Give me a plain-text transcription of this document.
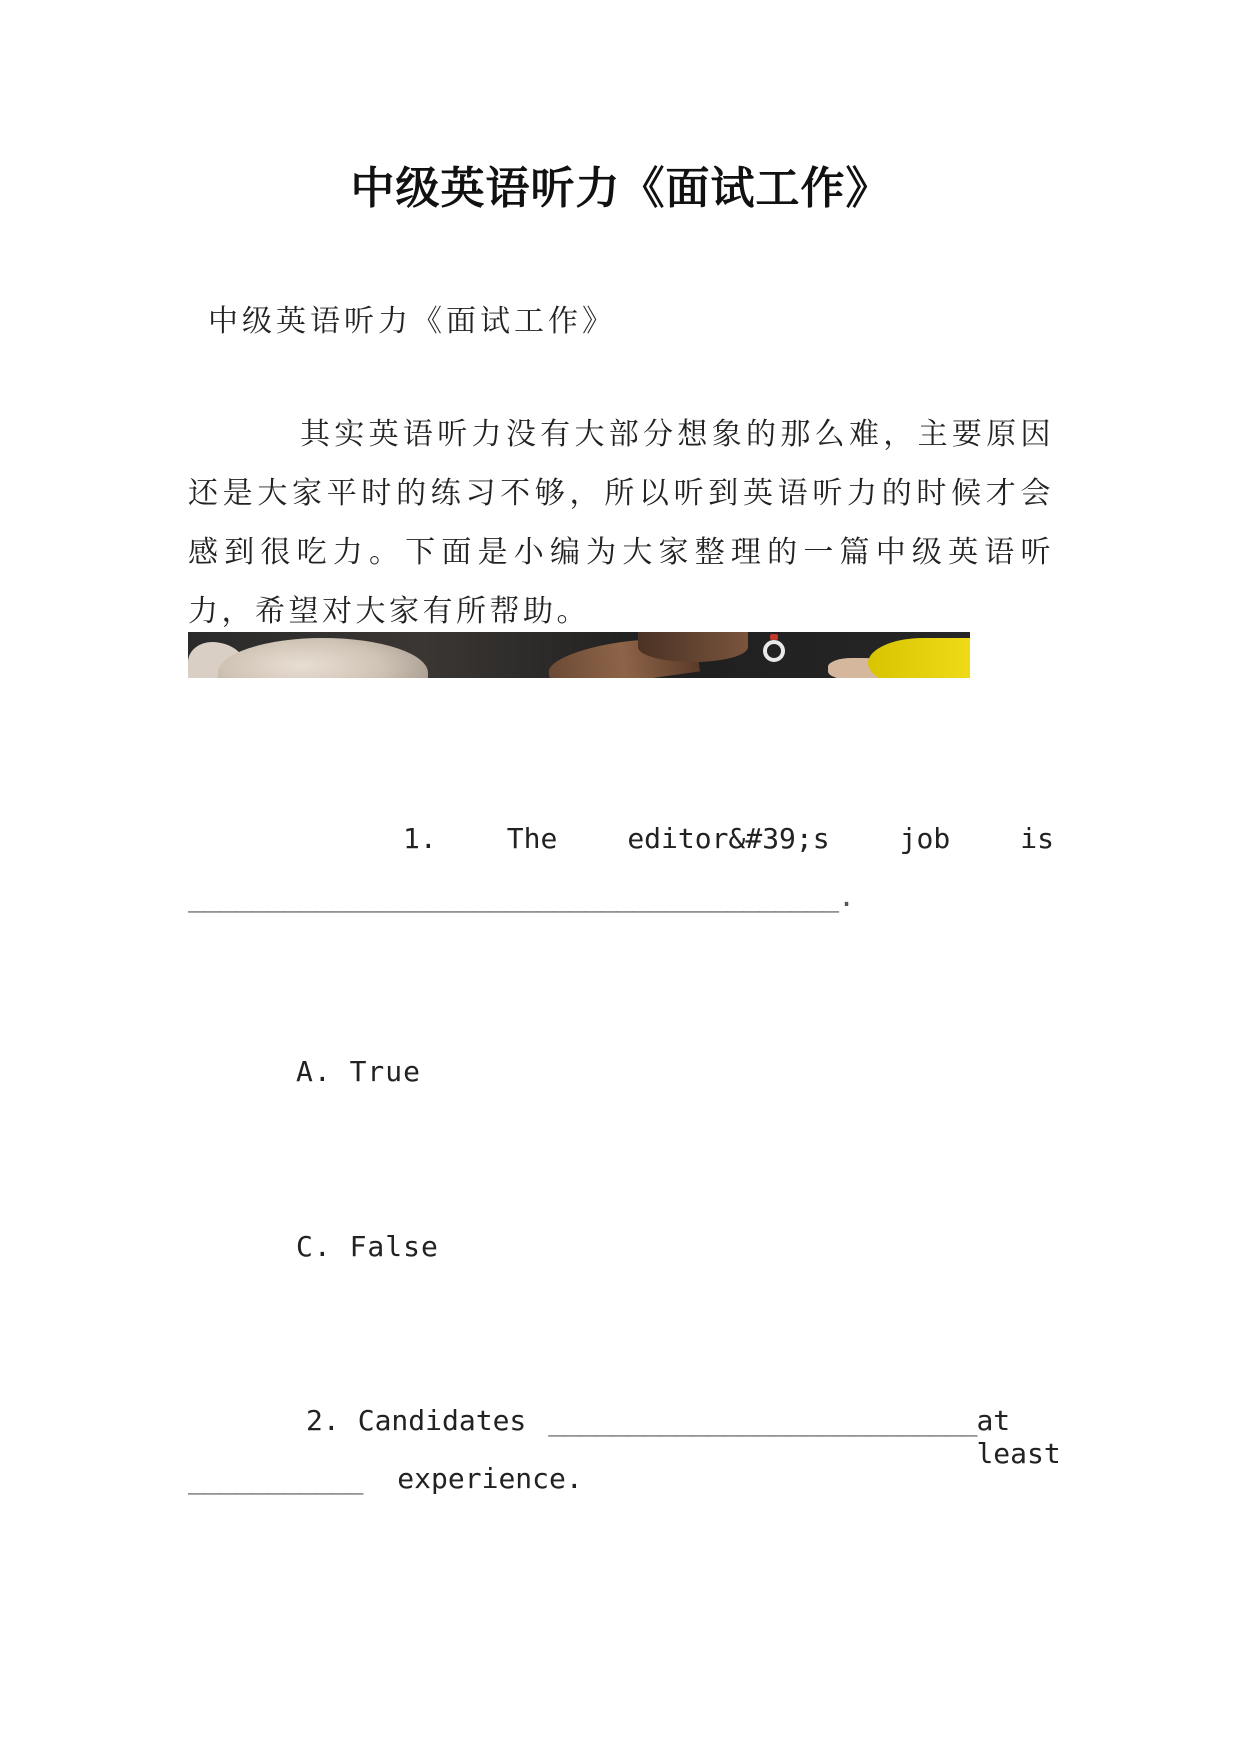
中级英语听力《面试工作》
中级英语听力《面试工作》

其实英语听力没有大部分想象的那么难，主要原因还是大家平时的练习不够，所以听到英语听力的时候才会感到很吃力。下面是小编为大家整理的一篇中级英语听力，希望对大家有所帮助。

1.	The	editor&#39;s	job	is
_________________________________________.
A. True
C. False
2. Candidates ___________________________ at least
___________ experience.
